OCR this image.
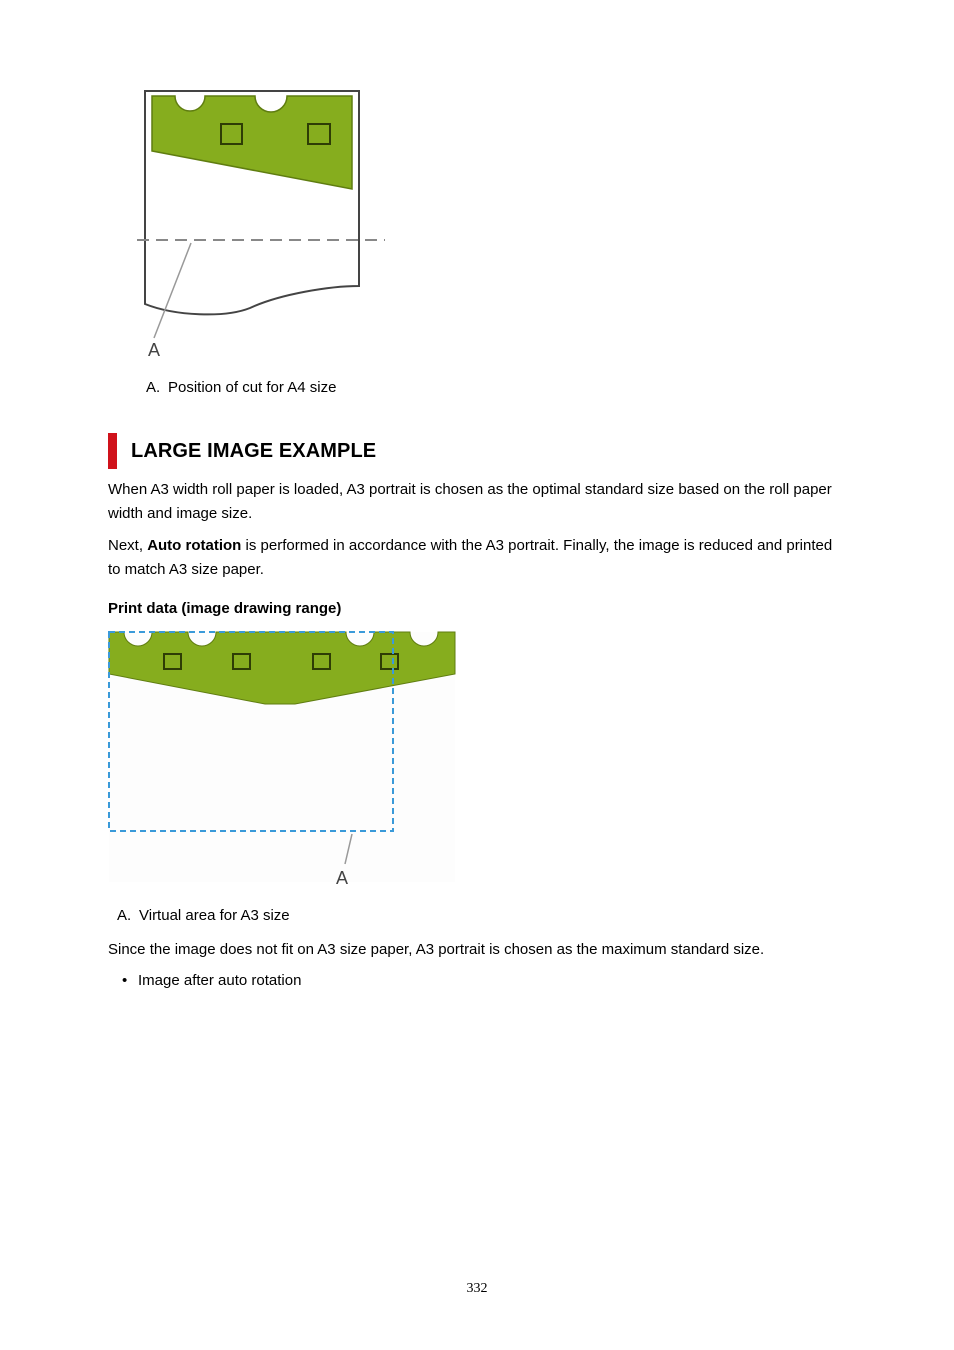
A
A. Position of cut for A4 size
LARGE IMAGE EXAMPLE
When A3 width roll paper is loaded, A3 portrait is chosen as the optimal standard size based on the roll paper width and image size.
Next, Auto rotation is performed in accordance with the A3 portrait. Finally, the image is reduced and printed to match A3 size paper.
Print data (image drawing range)
A
A. Virtual area for A3 size
Since the image does not fit on A3 size paper, A3 portrait is chosen as the maximum standard size.
• Image after auto rotation
332
